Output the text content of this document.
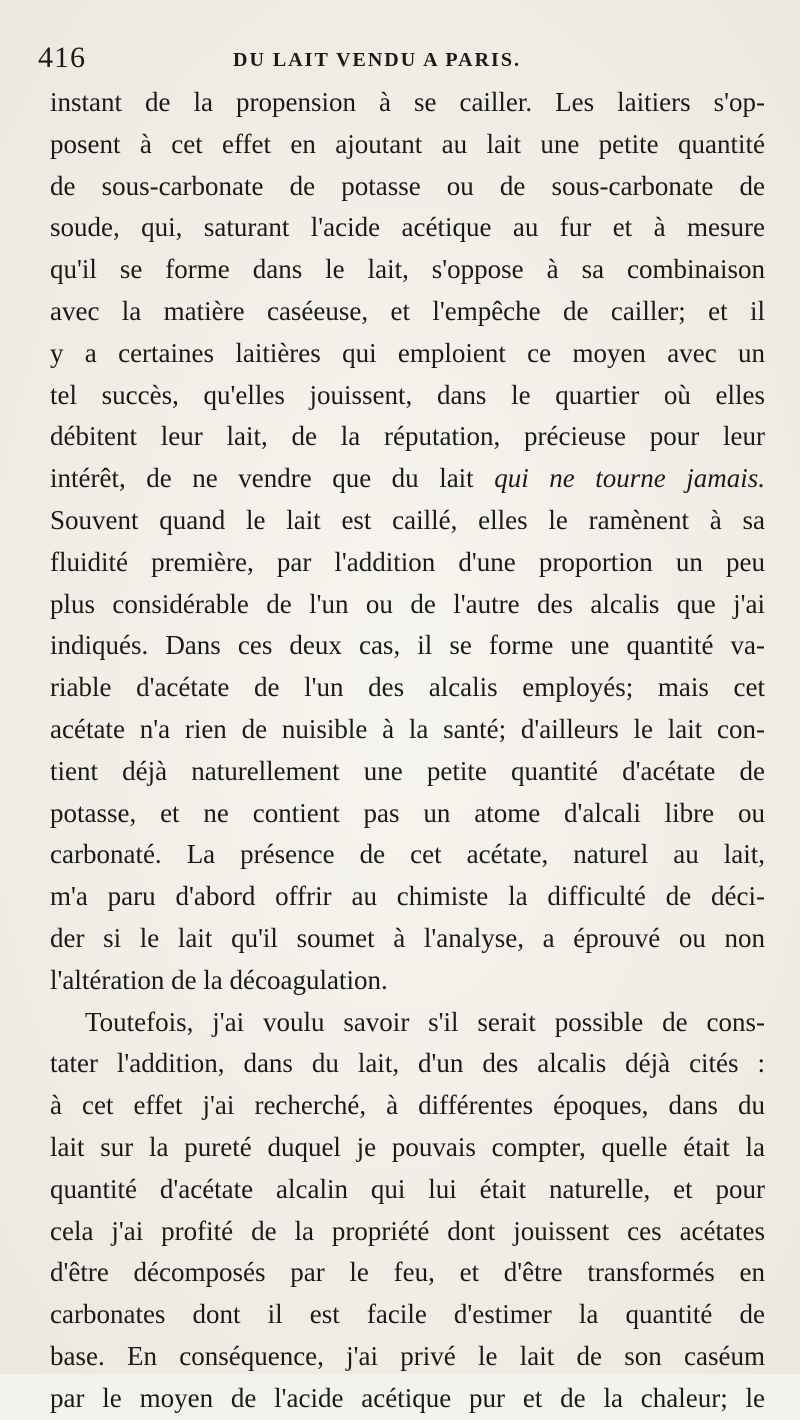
416	DU LAIT VENDU A PARIS.
instant de la propension à se cailler. Les laitiers s'op-
posent à cet effet en ajoutant au lait une petite quantité
de sous-carbonate de potasse ou de sous-carbonate de
soude, qui, saturant l'acide acétique au fur et à mesure
qu'il se forme dans le lait, s'oppose à sa combinaison
avec la matière caséeuse, et l'empêche de cailler; et il
y a certaines laitières qui emploient ce moyen avec un
tel succès, qu'elles jouissent, dans le quartier où elles
débitent leur lait, de la réputation, précieuse pour leur
intérêt, de ne vendre que du lait qui ne tourne jamais.
Souvent quand le lait est caillé, elles le ramènent à sa
fluidité première, par l'addition d'une proportion un peu
plus considérable de l'un ou de l'autre des alcalis que j'ai
indiqués. Dans ces deux cas, il se forme une quantité va-
riable d'acétate de l'un des alcalis employés; mais cet
acétate n'a rien de nuisible à la santé; d'ailleurs le lait con-
tient déjà naturellement une petite quantité d'acétate de
potasse, et ne contient pas un atome d'alcali libre ou
carbonaté. La présence de cet acétate, naturel au lait,
m'a paru d'abord offrir au chimiste la difficulté de déci-
der si le lait qu'il soumet à l'analyse, a éprouvé ou non
l'altération de la décoagulation.
Toutefois, j'ai voulu savoir s'il serait possible de cons-
tater l'addition, dans du lait, d'un des alcalis déjà cités :
à cet effet j'ai recherché, à différentes époques, dans du
lait sur la pureté duquel je pouvais compter, quelle était la
quantité d'acétate alcalin qui lui était naturelle, et pour
cela j'ai profité de la propriété dont jouissent ces acétates
d'être décomposés par le feu, et d'être transformés en
carbonates dont il est facile d'estimer la quantité de
base. En conséquence, j'ai privé le lait de son caséum
par le moyen de l'acide acétique pur et de la chaleur; le
